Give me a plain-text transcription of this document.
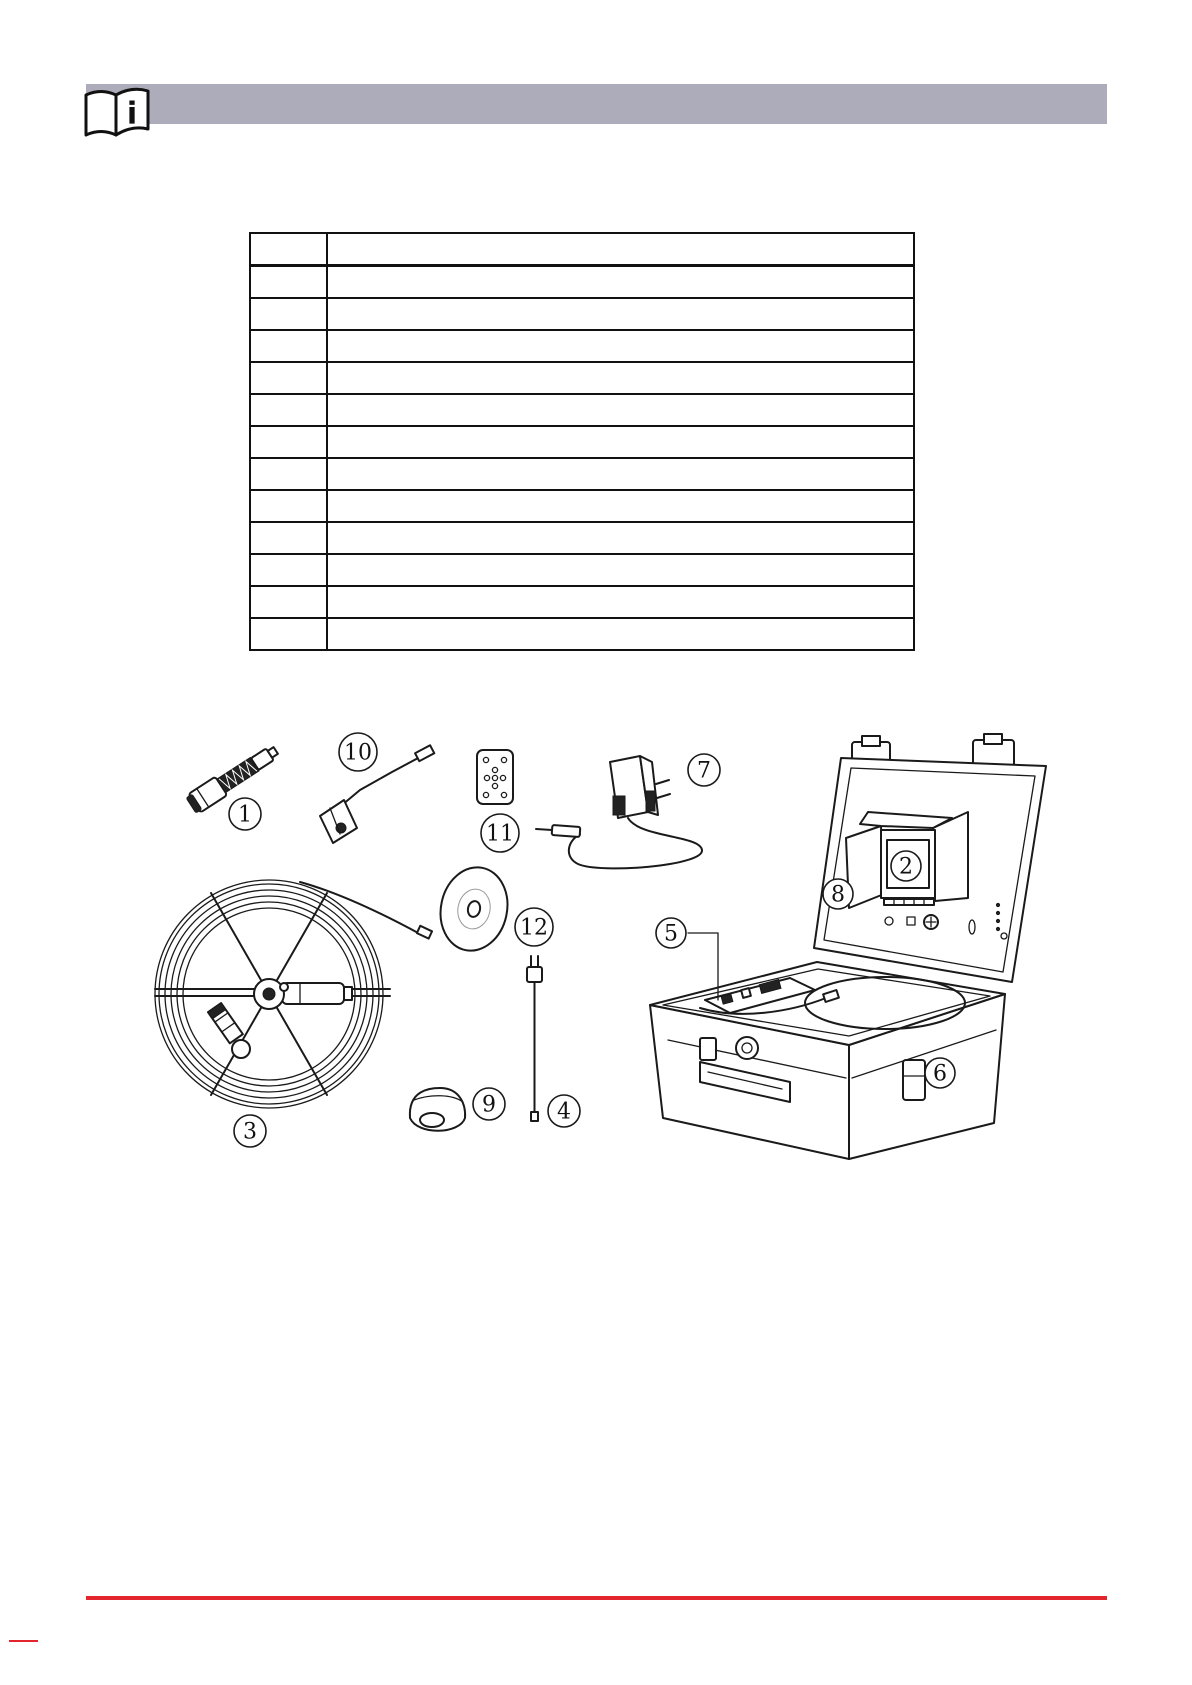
i

1
10
11
7
2
8
12	5
3
9	4
6
